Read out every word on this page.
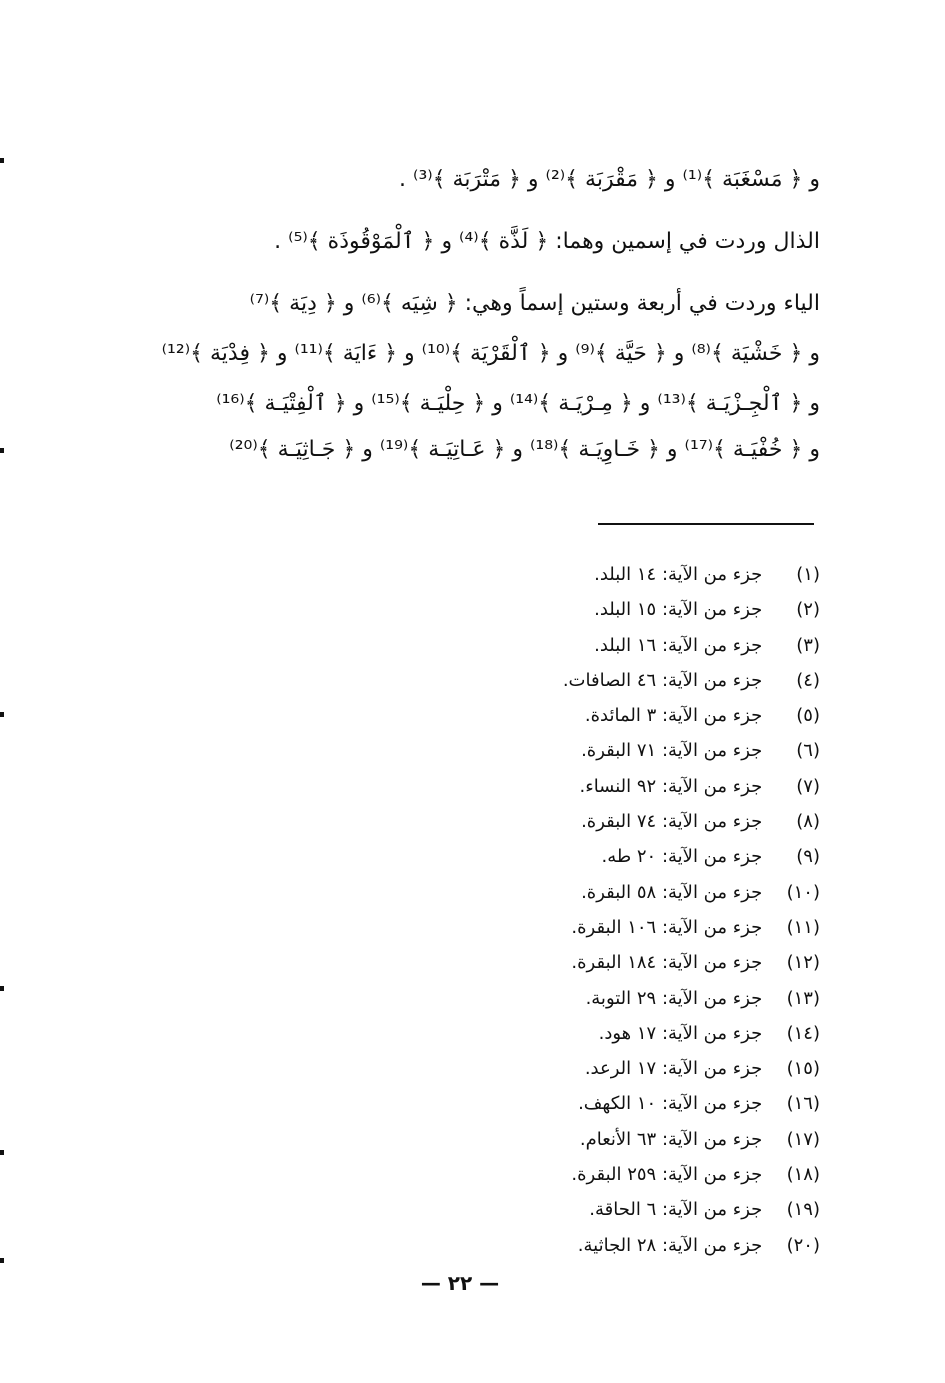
و ﴿ مَسْغَبَة ﴾⁽¹⁾ و ﴿ مَقْرَبَة ﴾⁽²⁾ و ﴿ مَتْرَبَة ﴾⁽³⁾ .
الذال وردت في إسمين وهما: ﴿ لَذَّة ﴾⁽⁴⁾ و ﴿ ٱلْمَوْقُوذَة ﴾⁽⁵⁾ .
الياء وردت في أربعة وستين إسماً وهي: ﴿ شِيَه ﴾⁽⁶⁾ و ﴿ دِيَة ﴾⁽⁷⁾
و ﴿ خَشْيَة ﴾⁽⁸⁾ و ﴿ حَيَّة ﴾⁽⁹⁾ و ﴿ ٱلْقَرْيَة ﴾⁽¹⁰⁾ و ﴿ ءَايَة ﴾⁽¹¹⁾ و ﴿ فِدْيَة ﴾⁽¹²⁾
و ﴿ ٱلْجِـزْيَـة ﴾⁽¹³⁾ و ﴿ مِـرْيَـة ﴾⁽¹⁴⁾ و ﴿ حِلْيَـة ﴾⁽¹⁵⁾ و ﴿ ٱلْفِتْيَـة ﴾⁽¹⁶⁾
و ﴿ خُفْيَـة ﴾⁽¹⁷⁾ و ﴿ خَـاوِيَـة ﴾⁽¹⁸⁾ و ﴿ عَـاتِيَـة ﴾⁽¹⁹⁾ و ﴿ جَـاثِيَـة ﴾⁽²⁰⁾
(١) جزء من الآية: ١٤ البلد.
(٢) جزء من الآية: ١٥ البلد.
(٣) جزء من الآية: ١٦ البلد.
(٤) جزء من الآية: ٤٦ الصافات.
(٥) جزء من الآية: ٣ المائدة.
(٦) جزء من الآية: ٧١ البقرة.
(٧) جزء من الآية: ٩٢ النساء.
(٨) جزء من الآية: ٧٤ البقرة.
(٩) جزء من الآية: ٢٠ طه.
(١٠) جزء من الآية: ٥٨ البقرة.
(١١) جزء من الآية: ١٠٦ البقرة.
(١٢) جزء من الآية: ١٨٤ البقرة.
(١٣) جزء من الآية: ٢٩ التوبة.
(١٤) جزء من الآية: ١٧ هود.
(١٥) جزء من الآية: ١٧ الرعد.
(١٦) جزء من الآية: ١٠ الكهف.
(١٧) جزء من الآية: ٦٣ الأنعام.
(١٨) جزء من الآية: ٢٥٩ البقرة.
(١٩) جزء من الآية: ٦ الحاقة.
(٢٠) جزء من الآية: ٢٨ الجاثية.
— ٢٢ —
